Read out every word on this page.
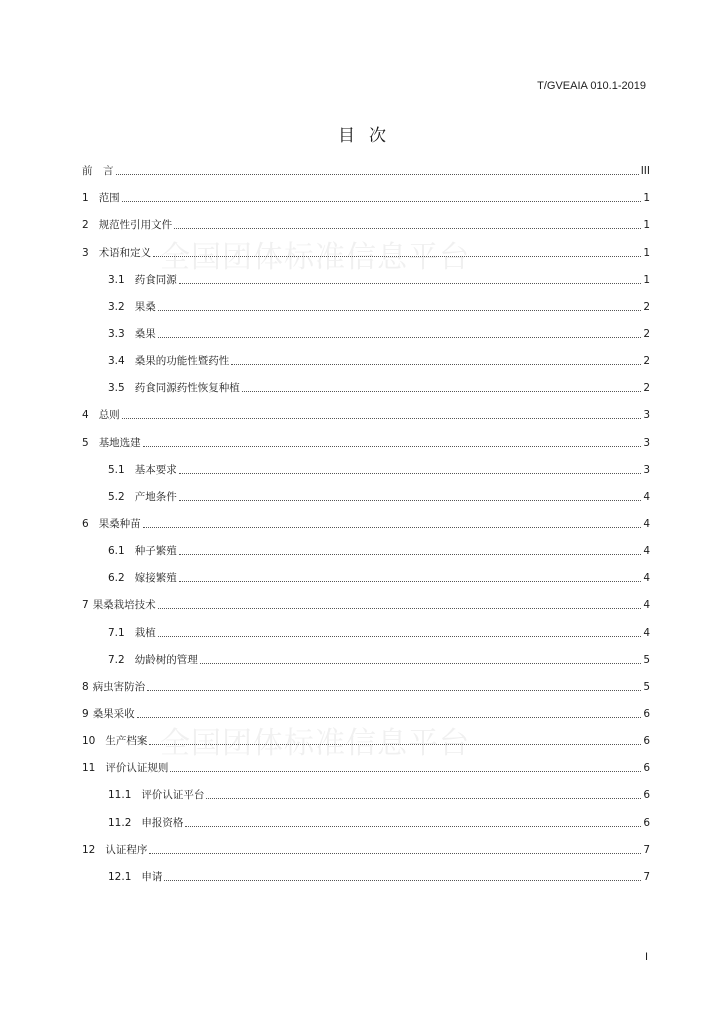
T/GVEAIA 010.1-2019
目次
全国团体标准信息平台
全国团体标准信息平台
前　言	III
1 范围	1
2 规范性引用文件	1
3 术语和定义	1
3.1 药食同源	1
3.2 果桑	2
3.3 桑果	2
3.4 桑果的功能性暨药性	2
3.5 药食同源药性恢复种植	2
4 总则	3
5 基地选建	3
5.1 基本要求	3
5.2 产地条件	4
6 果桑种苗	4
6.1 种子繁殖	4
6.2 嫁接繁殖	4
7 果桑栽培技术	4
7.1 栽植	4
7.2 幼龄树的管理	5
8 病虫害防治	5
9 桑果采收	6
10 生产档案	6
11 评价认证规则	6
11.1 评价认证平台	6
11.2 申报资格	6
12 认证程序	7
12.1 申请	7
I
